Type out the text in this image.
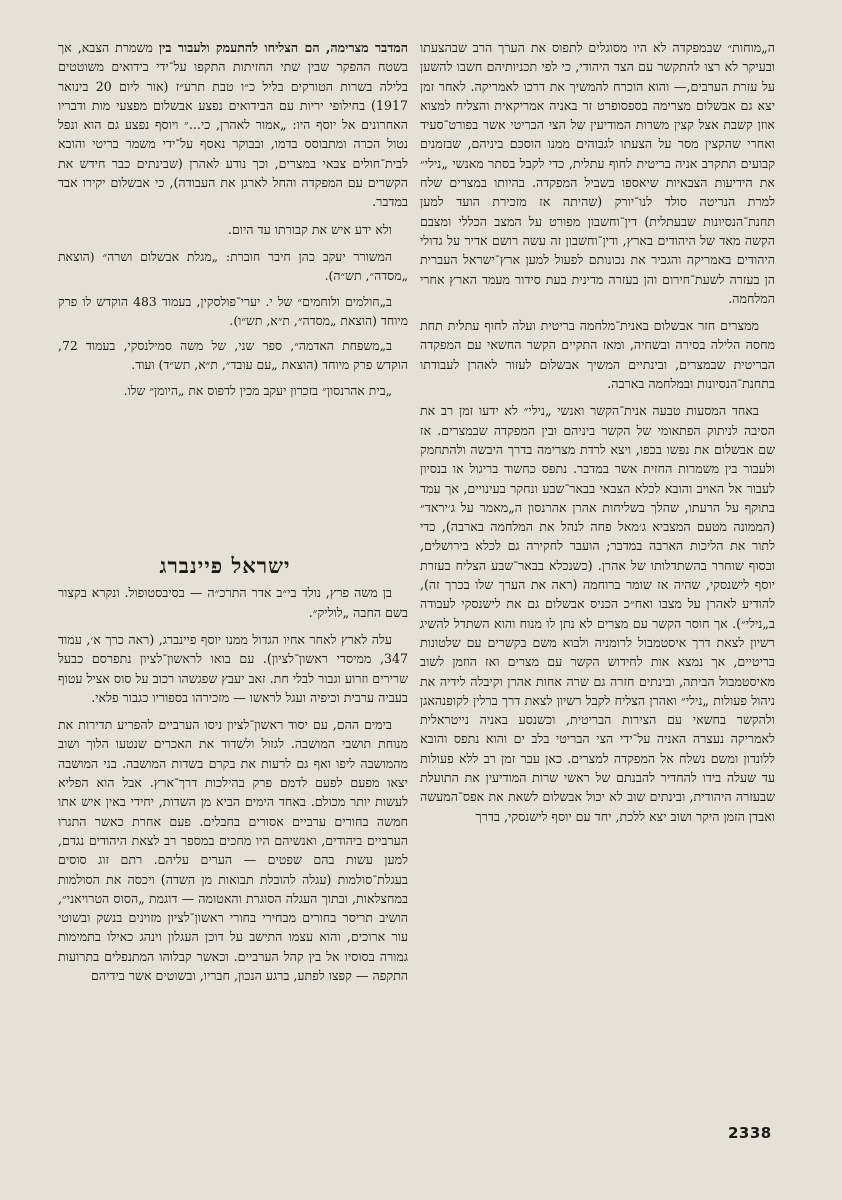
ה„מוחות״ שבמפקדה לא היו מסוגלים לתפוס את הערך הרב שבהצעתו ובעיקר לא רצו להתקשר עם הצד היהודי, כי לפי תכניותיהם חשבו להשען על עזרת הערבים,— והוא הוכרח להמשיך את דרכו לאמריקה. לאחר זמן יצא גם אבשלום מצרימה בספסופרט זר באניה אמריקאית והצליח למצוא אוזן קשבת אצל קצין משרות המודיעין של הצי הבריטי אשר בפורט־סעיד ואחרי שהקצין מסר על הצעתו לגבוהים ממנו הוסכם ביניהם, שבזמנים קבועים תתקרב אניה בריטית לחוף עתלית, כדי לקבל בסתר מאנשי „נילי״ את הידיעות הצבאיות שיאספו בשביל המפקדה. בהיותו במצרים שלח למרת הנריטה סולד לנו־יורק (שהיתה אז מזכירת הועד למען תחנת־הנסיונות שבעתלית) דין־וחשבון מפורט על המצב הכללי ומצבם הקשה מאד של היהודים בארץ, ודין־וחשבון זה עשה רושם אדיר על גדולי היהודים באמריקה והגביר את נכונותם לפעול למען ארץ־ישראל העברית הן בעזרה לשעת־חירום והן בעזרה מדינית בעת סידור מעמד הארץ אחרי המלחמה.

ממצרים חזר אבשלום באנית־מלחמה בריטית ועלה לחוף עתלית תחת מחסה הלילה בסירה ובשחיה, ומאז התקיים הקשר החשאי עם המפקדה הבריטית שבמצרים, ובינתיים המשיך אבשלום לעזור לאהרן לעבודתו בתחנת־הנסיונות ובמלחמה בארבה.

באחד המסעות טבעה אנית־הקשר ואנשי „נילי״ לא ידעו זמן רב את הסיבה לניתוק הפתאומי של הקשר ביניהם ובין המפקדה שבמצרים. אז שם אבשלום את נפשו בכפו, ויצא לרדת מצרימה בדרך היבשה ולהתחמק ולעבור בין משמרות החזית אשר במדבר. נתפס כחשוד בריגול או בנסיון לעבור אל האויב והובא לכלא הצבאי בבאר־שבע ונחקר בעינויים, אך עמד בתוקף על הרעתו, שהלך בשליחות אהרן אהרנסון ה„מאמר על ג׳יראד״ (הממונה מטעם המצביא ג׳מאל פחה לנהל את המלחמה בארבה), כדי לתור את הליכות הארבה במדבר; הועבר לחקירה גם לכלא בירושלים, ובסוף שוחרר בהשתדלותו של אהרן. (כשנכלא בבאר־שבע הצליח בעזרת יוסף לישנסקי, שהיה אז שומר ברוחמה (ראה את הערך שלו בכרך זה), להודיע לאהרן על מצבו ואח״כ הכניס אבשלום גם את לישנסקי לעבודה ב„נילי״). אך חוסר הקשר עם מצרים לא נתן לו מנוח והוא השתדל להשיג רשיון לצאת דרך איסטמבול לרומניה ולבוא משם בקשרים עם שלטונות בריטיים, אך נמצא אות לחידוש הקשר עם מצרים ואז הוזמן לשוב מאיסטמבול הביתה, ובינתים חזרה גם שרה אחות אהרן וקיבלה לידיה את ניהול פעולות „נילי״ ואהרן הצליח לקבל רשיון לצאת דרך ברלין לקופנהאגן ולהקשר בחשאי עם הצירות הבריטית, וכשנסע באניה נייטראלית לאמריקה נעצרה האניה על־ידי הצי הבריטי בלב ים והוא נתפס והובא ללונדון ומשם נשלח אל המפקדה למצרים. כאן עבר זמן רב ללא פעולות עד שעלה בידו להחדיר להבנתם של ראשי שרות המודיעין את התועלת שבעזרה היהודית, ובינתים שוב לא יכול אבשלום לשאת את אפס־המעשה ואבדן הזמן היקר ושוב יצא ללכת, יחד עם יוסף לישנסקי, בדרך

המדבר מצרימה, הם הצליחו להתעמק ולעבור בין משמרת הצבא, אך בשטח ההפקר שבין שתי החזיתות התקפו על־ידי בידואים משוטטים בלילה בשרות הטורקים בליל כ״ו טבת תרע״ז (אור ליום 20 בינואר 1917) בחילופי יריות עם הבידואים נפצע אבשלום מפצעי מות ודבריו האחרונים אל יוסף היו: „אמור לאהרן, כי...״ ויוסף נפצע גם הוא ונפל נטול הכרה ומתבוסס בדמו, ובבוקר נאסף על־ידי משמר בריטי והובא לבית־חולים צבאי במצרים, וכך נודע לאהרן (שבינתים כבר חידש את הקשרים עם המפקדה והחל לארגן את העבודה), כי אבשלום יקירו אבד במדבר.

ולא ידע איש את קבורתו עד היום.

המשורר יעקב כהן חיבר חוברת: „מגלת אבשלום ושרה״ (הוצאת „מסדה״, תש״ה).

ב„חולמים ולוחמים״ של י. יערי־פולסקין, בעמוד 483 הוקדש לו פרק מיוחד (הוצאת „מסדה״, ת״א, תש״ו).

ב„משפחת האדמה״, ספר שני, של משה סמילנסקי, בעמוד 72, הוקדש פרק מיוחד (הוצאת „עם עובד״, ת״א, תש״ד) ועוד.

„בית אהרנסון״ בזכרון יעקב מכין לדפוס את „היומן״ שלו.

ישראל פיינברג

בן משה פרץ, נולד בי״ב אדר התרכ״ה — בסיבסטופול. ונקרא בקצור בשם החבה „לוליק״.

עלה לארץ לאחר אחיו הגדול ממנו יוסף פיינברג, (ראה כרך א׳, עמוד 347, ממיסדי ראשון־לציון). עם בואו לראשון־לציון נתפרסם כבעל שרירים וזרוע וגבור לבלי חת. זאב יעבץ שפגשהו רכוב על סוס אציל עטוף בעביה ערבית וכיפיה ועגל לראשו — מזכירהו בספוריו כגבור פלאי.

בימים ההם, עם יסוד ראשון־לציון ניסו הערביים להפריע תדירות את מנוחת תושבי המושבה. לגזול ולשדוד את האכרים שנטעו הלוך ושוב מהמושבה ליפו ואף גם לרעות את בקרם בשדות המושבה. בני המושבה יצאו מפעם לפעם לדמם פרק בהילכות דרך־ארץ. אבל הוא הפליא לעשות יותר מכולם. באחד הימים הביא מן השדות, יחידי באין איש אתו חמשה בחורים ערביים אסורים בחבלים. פעם אחרת כאשר התגרו הערביים ביהודים, ואנשיהם היו מחכים במספר רב לצאת היהודים נגדם, למען עשות בהם שפטים — הערים עליהם. רתם זוג סוסים בעגלת־סולמות (עגלה להובלת תבואות מן השדה) ויכסה את הסולמות במחצלאות, ובתוך העגלה הסוגרת והאטומה — דוגמת „הסוס הטרויאני״, הושיב תריסר בחורים מבחירי בחורי ראשון־לציון מזוינים בנשק ובשוטי עור ארוכים, והוא עצמו התישב על דוכן העגלון וינהג כאילו בתמימות גמורה בסוסיו אל בין קהל הערביים. וכאשר קבלוהו המתנפלים בתרועות התקפה — קפצו לפתע, ברגע הנכון, חבריו, ובשוטים אשר בידיהם

2338
